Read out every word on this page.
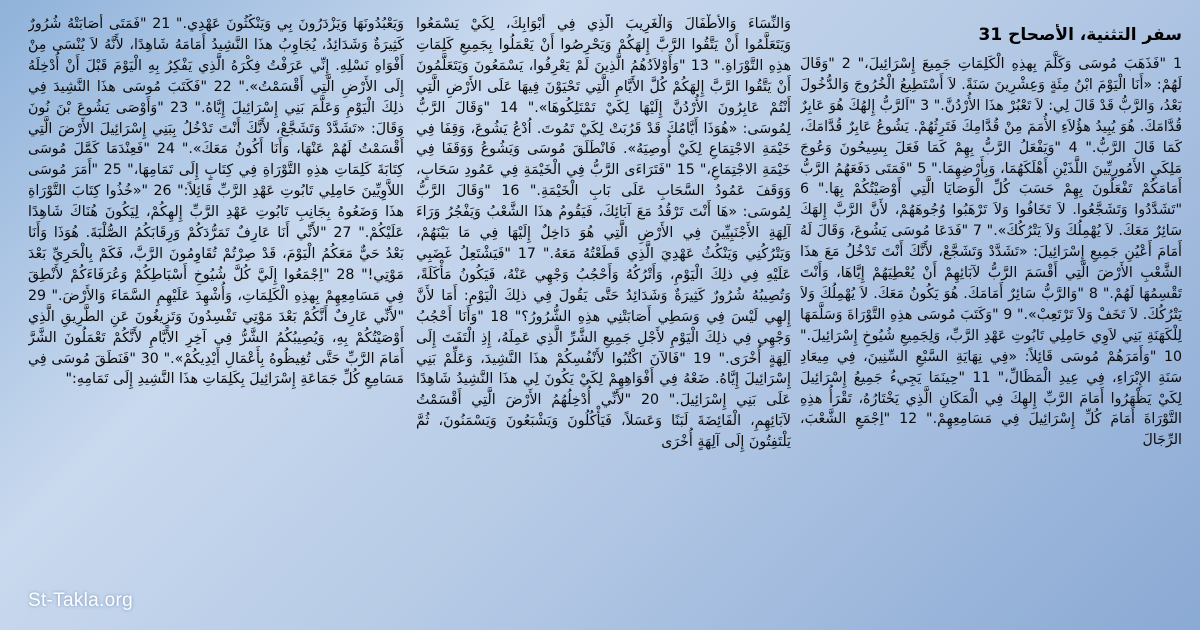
سفر التثنية، الأصحاح 31

1 "فَذَهَبَ مُوسَى وَكَلَّمَ بِهذِهِ الْكَلِمَاتِ جَمِيعَ إِسْرَائِيلَ،" 2 "وَقَالَ لَهُمْ: «أَنَا الْيَوْمَ ابْنُ مِئَةٍ وَعِشْرِينَ سَنَةً. لاَ أَسْتَطِيعُ الْخُرُوجَ وَالدُّخُولَ بَعْدُ، وَالرَّبُّ قَدْ قَالَ لِي: لاَ تَعْبُرْ هذَا الأُرْدُنَّ." 3 "اَلرَّبُّ إِلهُكَ هُوَ عَابِرٌ قُدَّامَكَ. هُوَ يُبِيدُ هؤُلاَءِ الأُمَمَ مِنْ قُدَّامِكَ فَتَرِثُهُمْ. يَشُوعُ عَابِرٌ قُدَّامَكَ، كَمَا قَالَ الرَّبُّ." 4 "وَيَفْعَلُ الرَّبُّ بِهِمْ كَمَا فَعَلَ بِسِيحُونَ وَعُوجَ مَلِكَيِ الأَمُورِيِّينَ اللَّذَيْنِ أَهْلَكَهُمَا، وَبِأَرْضِهِمَا." 5 "فَمَتَى دَفَعَهُمُ الرَّبُّ أَمَامَكُمْ تَفْعَلُونَ بِهِمْ حَسَبَ كُلِّ الْوَصَايَا الَّتِي أَوْصَيْتُكُمْ بِهَا." 6 "تَشَدَّدُوا وَتَشَجَّعُوا. لاَ تَخَافُوا وَلاَ تَرْهَبُوا وُجُوهَهُمْ، لأَنَّ الرَّبَّ إِلهَكَ سَائِرٌ مَعَكَ. لاَ يُهْمِلُكَ وَلاَ يَتْرُكُكَ»." 7 "فَدَعَا مُوسَى يَشُوعَ، وَقَالَ لَهُ أَمَامَ أَعْيُنِ جَمِيعِ إِسْرَائِيلَ: «تَشَدَّدْ وَتَشَجَّعْ، لأَنَّكَ أَنْتَ تَدْخُلُ مَعَ هذَا الشَّعْبِ الأَرْضَ الَّتِي أَقْسَمَ الرَّبُّ لآبَائِهِمْ أَنْ يُعْطِيَهُمْ إِيَّاهَا، وَأَنْتَ تَقْسِمُهَا لَهُمْ." 8 "وَالرَّبُّ سَائِرٌ أَمَامَكَ. هُوَ يَكُونُ مَعَكَ. لاَ يُهْمِلُكَ وَلاَ يَتْرُكُكَ. لاَ تَخَفْ وَلاَ تَرْتَعِبْ»." 9 "وَكَتَبَ مُوسَى هذِهِ التَّوْرَاةَ وَسَلَّمَهَا لِلْكَهَنَةِ بَنِي لاَوِي حَامِلِي تَابُوتِ عَهْدِ الرَّبِّ، وَلِجَمِيعِ شُيُوخِ إِسْرَائِيلَ." 10 "وَأَمَرَهُمْ مُوسَى قَائِلاً: «فِي نِهَايَةِ السَّبْعِ السِّنِينَ، فِي مِيعَادِ سَنَةِ الإِبْرَاءِ، فِي عِيدِ الْمَظَالِّ،" 11 "حِينَمَا يَجِيءُ جَمِيعُ إِسْرَائِيلَ لِكَيْ يَظْهَرُوا أَمَامَ الرَّبِّ إِلهِكَ فِي الْمَكَانِ الَّذِي يَخْتَارُهُ، تَقْرَأُ هذِهِ التَّوْرَاةَ أَمَامَ كُلِّ إِسْرَائِيلَ فِي مَسَامِعِهِمْ." 12 "اِجْمَعِ الشَّعْبَ، الرِّجَالَ

وَالنِّسَاءَ وَالأَطْفَالَ وَالْغَرِيبَ الَّذِي فِي أَبْوَابِكَ، لِكَيْ يَسْمَعُوا وَيَتَعَلَّمُوا أَنْ يَتَّقُوا الرَّبَّ إِلهَكُمْ وَيَحْرِصُوا أَنْ يَعْمَلُوا بِجَمِيعِ كَلِمَاتِ هذِهِ التَّوْرَاةِ." 13 "وَأَوْلاَدُهُمُ الَّذِينَ لَمْ يَعْرِفُوا، يَسْمَعُونَ وَيَتَعَلَّمُونَ أَنْ يَتَّقُوا الرَّبَّ إِلهَكُمْ كُلَّ الأَيَّامِ الَّتِي تَحْيَوْنَ فِيهَا عَلَى الأَرْضِ الَّتِي أَنْتُمْ عَابِرُونَ الأُرْدُنَّ إِلَيْهَا لِكَيْ تَمْتَلِكُوهَا»." 14 "وَقَالَ الرَّبُّ لِمُوسَى: «هُوَذَا أَيَّامُكَ قَدْ قَرُبَتْ لِكَيْ تَمُوتَ. اُدْعُ يَشُوعَ، وَقِفَا فِي خَيْمَةِ الاجْتِمَاعِ لِكَيْ أُوصِيَهُ». فَانْطَلَقَ مُوسَى وَيَشُوعُ وَوَقَفَا فِي خَيْمَةِ الاجْتِمَاعِ،" 15 "فَتَرَاءَى الرَّبُّ فِي الْخَيْمَةِ فِي عَمُودِ سَحَابٍ، وَوَقَفَ عَمُودُ السَّحَابِ عَلَى بَابِ الْخَيْمَةِ." 16 "وَقَالَ الرَّبُّ لِمُوسَى: «هَا أَنْتَ تَرْقُدُ مَعَ آبَائِكَ، فَيَقُومُ هذَا الشَّعْبُ وَيَفْجُرُ وَرَاءَ آلِهَةِ الأَجْنَبِيِّينَ فِي الأَرْضِ الَّتِي هُوَ دَاخِلٌ إِلَيْهَا فِي مَا بَيْنَهُمْ، وَيَتْرُكُنِي وَيَنْكُثُ عَهْدِيَ الَّذِي قَطَعْتُهُ مَعَهُ." 17 "فَيَشْتَعِلُ غَضَبِي عَلَيْهِ فِي ذلِكَ الْيَوْمِ، وَأَتْرُكُهُ وَأَحْجُبُ وَجْهِي عَنْهُ، فَيَكُونُ مَأْكَلَةً، وَتُصِيبُهُ شُرُورٌ كَثِيرَةٌ وَشَدَائِدُ حَتَّى يَقُولَ فِي ذلِكَ الْيَوْمِ: أَمَا لأَنَّ إِلهِي لَيْسَ فِي وَسَطِي أَصَابَتْنِي هذِهِ الشُّرُورُ؟" 18 "وَأَنَا أَحْجُبُ وَجْهِي فِي ذلِكَ الْيَوْمِ لأَجْلِ جَمِيعِ الشَّرِّ الَّذِي عَمِلَهُ، إِذِ الْتَفَتَ إِلَى آلِهَةٍ أُخْرَى." 19 "فَالآنَ اكْتُبُوا لأَنْفُسِكُمْ هذَا النَّشِيدَ، وَعَلِّمْ بَنِي إِسْرَائِيلَ إِيَّاهُ. ضَعْهُ فِي أَفْوَاهِهِمْ لِكَيْ يَكُونَ لِي هذَا النَّشِيدُ شَاهِدًا عَلَى بَنِي إِسْرَائِيلَ." 20 "لأَنِّي أُدْخِلُهُمُ الأَرْضَ الَّتِي أَقْسَمْتُ لآبَائِهِمِ، الْفَائِضَةَ لَبَنًا وَعَسَلاً، فَيَأْكُلُونَ وَيَشْبَعُونَ وَيَسْمَنُونَ، ثُمَّ يَلْتَفِتُونَ إِلَى آلِهَةٍ أُخْرَى

وَيَعْبُدُونَهَا وَيَزْدَرُونَ بِي وَيَنْكُثُونَ عَهْدِي." 21 "فَمَتَى أَصَابَتْهُ شُرُورٌ كَثِيرَةٌ وَشَدَائِدُ، يُجَاوِبُ هذَا النَّشِيدُ أَمَامَهُ شَاهِدًا، لأَنَّهُ لاَ يُنْسَى مِنْ أَفْوَاهِ نَسْلِهِ. إِنِّي عَرَفْتُ فِكْرَهُ الَّذِي يَفْكِرُ بِهِ الْيَوْمَ قَبْلَ أَنْ أُدْخِلَهُ إِلَى الأَرْضِ الَّتِي أَقْسَمْتُ»." 22 "فَكَتَبَ مُوسَى هذَا النَّشِيدَ فِي ذلِكَ الْيَوْمِ وَعَلَّمَ بَنِي إِسْرَائِيلَ إِيَّاهُ." 23 "وَأَوْصَى يَشُوعَ بْنَ نُونَ وَقَالَ: «تَشَدَّدْ وَتَشَجَّعْ، لأَنَّكَ أَنْتَ تَدْخُلُ بِبَنِي إِسْرَائِيلَ الأَرْضَ الَّتِي أَقْسَمْتُ لَهُمْ عَنْهَا، وَأَنَا أَكُونُ مَعَكَ»." 24 "فَعِنْدَمَا كَمَّلَ مُوسَى كِتَابَةَ كَلِمَاتِ هذِهِ التَّوْرَاةِ فِي كِتَابٍ إِلَى تَمَامِهَا،" 25 "أَمَرَ مُوسَى اللاَّوِيِّينَ حَامِلِي تَابُوتِ عَهْدِ الرَّبِّ قَائِلاً:" 26 "«خُذُوا كِتَابَ التَّوْرَاةِ هذَا وَضَعُوهُ بِجَانِبِ تَابُوتِ عَهْدِ الرَّبِّ إِلهِكُمْ، لِيَكُونَ هُنَاكَ شَاهِدًا عَلَيْكُمْ." 27 "لأَنِّي أَنَا عَارِفٌ تَمَرُّدَكُمْ وَرِقَابَكُمُ الصُّلْبَةَ. هُوَذَا وَأَنَا بَعْدُ حَيٌّ مَعَكُمُ الْيَوْمَ، قَدْ صِرْتُمْ تُقَاوِمُونَ الرَّبَّ، فَكَمْ بِالْحَرِيِّ بَعْدَ مَوْتِي!" 28 "اِجْمَعُوا إِلَيَّ كُلَّ شُيُوخِ أَسْبَاطِكُمْ وَعُرَفَاءَكُمْ لأَنْطِقَ فِي مَسَامِعِهِمْ بِهذِهِ الْكَلِمَاتِ، وَأُشْهِدَ عَلَيْهِمِ السَّمَاءَ وَالأَرْضَ." 29 "لأَنِّي عَارِفٌ أَنَّكُمْ بَعْدَ مَوْتِي تَفْسِدُونَ وَتَزِيغُونَ عَنِ الطَّرِيقِ الَّذِي أَوْصَيْتُكُمْ بِهِ، وَيُصِيبُكُمُ الشَّرُّ فِي آخِرِ الأَيَّامِ لأَنَّكُمْ تَعْمَلُونَ الشَّرَّ أَمَامَ الرَّبِّ حَتَّى تُغِيظُوهُ بِأَعْمَالِ أَيْدِيكُمْ»." 30 "فَنَطَقَ مُوسَى فِي مَسَامِعِ كُلِّ جَمَاعَةِ إِسْرَائِيلَ بِكَلِمَاتِ هذَا النَّشِيدِ إِلَى تَمَامِهِ:"

St-Takla.org
